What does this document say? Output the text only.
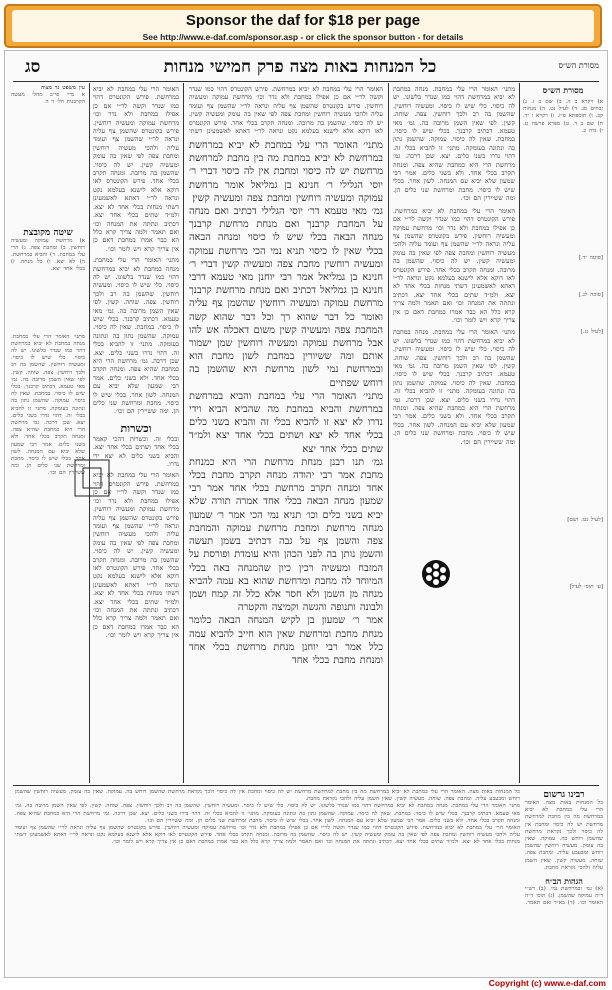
Sponsor the daf for $18 per page
See http://www.e-daf.com/sponsor.asp - or click the sponsor button - for details
כל המנחות באות מצה פרק חמישי מנחות
סג	מסורת הש״ס
מסורת הש״ס
א) ויקרא ב ה. ב) שם ב ז. ג) זבחים סג. ד) לעיל נט. ה) מנחות קב. ו) תוספתא פ״ז. ז) ויקרא ו יד. ח) שם ב ד. ט) ספרא פרשה ט. י) נדה כ.
[סוטה יד.]
[סוכה לג.]
[לעיל נג.]
[לעיל נט: ושם]
[ע׳ תוס׳ לעיל]
מתני׳ האומר הרי עלי במחבת. מנחה במחבת לא יביא במרחשת דהוי כמו שנדר בלשונו. יש לה כיסוי. כלי שיש לו כיסוי. ומעשיה רוחשין. שהשמן בה רב ולכך רוחשין. צפה. שוחה. קשין. לפי שאין השמן מרובה בה. גמ׳ מאי טעמא. דכתיב קרבנך. בכלי שיש לו כיסוי. במחבת. שאין לה כיסוי. עמוקה. שהשמן נתון בה ונתונה בעומקה. מתני׳ זו להביא בכלי זה. דהוי נדרו בשני כלים. יצא. שכן דרכה. גמ׳ מרחשת הרי היא כמחבת שהיא צפה. ומנחה תקרב בכלי אחד. ולא בשני כלים. אמר רבי שמעון שלא יביא עם המנחה. לשון אחר. בכלי שיש לו כיסוי. מחבת ומרחשת שני כלים הן. ומה ששיירין הם וכו׳.
האומר הרי עלי במחבת לא יביא במרחשת. פירש הקונטרס דהוי כמו שנדר וקשה לר״י אם כן אפילו במחבת ולא נדר וכו׳ מרחשת עמוקה ומעשיה רוחשין. פירש בקונטרס שהשמן צף עליה ונראה לר״י שהשמן צף ועומד עליה ולהכי מעשיה רוחשין ומחבת צפה לפי שאין בה עומק ומעשיה קשין. יש לה כיסוי. שהשמן בה מרובה. ומנחה תקרב בכלי אחד. פירש הקונטרס לאו דוקא אלא לישנא בעלמא נקט ונראה לר״י דאתא לאשמעינן דשתי מנחות בכלי אחד לא יצא. ולמ״ד שתים בכלי אחד יצא. דכתיב ונתתה את המנחה וכו׳ ואם תאמר ולמה צריך קרא כלל הא כבר אמרו במחבת דאם כן אין צריך קרא ויש לומר וכו׳.
מתני׳ האומר הרי עלי במחבת. מנחה במחבת לא יביא במרחשת דהוי כמו שנדר בלשונו. יש לה כיסוי. כלי שיש לו כיסוי. ומעשיה רוחשין. שהשמן בה רב ולכך רוחשין. צפה. שוחה. קשין. לפי שאין השמן מרובה בה. גמ׳ מאי טעמא. דכתיב קרבנך. בכלי שיש לו כיסוי. במחבת. שאין לה כיסוי. עמוקה. שהשמן נתון בה ונתונה בעומקה. מתני׳ זו להביא בכלי זה. דהוי נדרו בשני כלים. יצא. שכן דרכה. גמ׳ מרחשת הרי היא כמחבת שהיא צפה. ומנחה תקרב בכלי אחד. ולא בשני כלים. אמר רבי שמעון שלא יביא עם המנחה. לשון אחר. בכלי שיש לו כיסוי. מחבת ומרחשת שני כלים הן. ומה ששיירין הם וכו׳.
האומר הרי עלי במחבת לא יביא במרחשת. פירש הקונטרס דהוי כמו שנדר וקשה לר״י אם כן אפילו במחבת ולא נדר וכו׳ מרחשת עמוקה ומעשיה רוחשין. פירש בקונטרס שהשמן צף עליה ונראה לר״י שהשמן צף ועומד עליה ולהכי מעשיה רוחשין ומחבת צפה לפי שאין בה עומק ומעשיה קשין. יש לה כיסוי. שהשמן בה מרובה. ומנחה תקרב בכלי אחד. פירש הקונטרס לאו דוקא אלא לישנא בעלמא נקט ונראה לר״י דאתא לאשמעינן דשתי
מתני׳ האומר הרי עלי במחבת לא יביא במרחשת במרחשת לא יביא במחבת מה בין מחבת למרחשת מרחשת יש לה כיסוי ומחבת אין לה כיסוי דברי ר׳ יוסי הגלילי ר׳ חנינא בן גמליאל אומר מרחשת עמוקה ומעשיה רוחשין ומחבת צפה ומעשיה קשין׃
גמ׳ מאי טעמא דר׳ יוסי הגלילי דכתיב ואם מנחה על המחבת קרבנך ואם מנחת מרחשת קרבנך מנחה הבאה בכלי שיש לו כיסוי ומנחה הבאה בכלי שאין לו כיסוי תניא נמי הכי מרחשת עמוקה ומעשיה רוחשין מחבת צפה ומעשיה קשין דברי ר׳ חנינא בן גמליאל אמר רבי יוחנן מאי טעמא דרבי חנינא בן גמליאל דכתיב ואם מנחת מרחשת קרבנך מרחשת עמוקה ומעשיה רוחשין שהשמן צף עליה ואומר כל דבר שהוא רך וכל דבר שהוא קשה המחבת צפה ומעשיה קשין משום דאכלה אש להו אבל מרחשת עמוקה ומעשיה רוחשין שמן ישמור אותם ומה ששיורין במחבת לשון מחבת הוא ובמרחשת נמי לשון מרחשת היא שהשמן בה רוחש שפתיים
מתני׳ האומר הרי עלי במחבת והביא במרחשת במרחשת והביא במחבת מה שהביא הביא וידי נדרו לא יצא זו להביא בכלי זה והביא בשני כלים בכלי אחד לא יצא ושתים בכלי אחד יצא ולמ״ד שתים בכלי אחד יצא
גמ׳ תנו רבנן מנחת מרחשת הרי היא כמנחת מחבת אמר רבי יהודה מנחה תקרב מחבת בכלי אחד ומנחה תקרב מרחשת בכלי אחד אמר רבי שמעון מנחה הבאה בכלי אחד אמרה תורה שלא יביא בשני כלים וכו׳ תניא נמי הכי אמר ר׳ שמעון מנחה מרחשת ומחבת מרחשת עמוקה והמחבת צפה והשמן צף על גבה דכתיב בשמן תעשה והשמן נותן בה לפני הכהן והיא עומדת ופורסת על המזבח ומעשיה רכין כיון שהמנחה באה בכלי המיוחד לה מחבת ומרחשת שהוא בא עמה להביא מנחה מן השמן ולא חסר אלא כלל זה קמח ושמן ולבונה ותנופה והגשה וקמיצה והקטרה
אמר ר׳ שמעון בן לקיש המנחה הבאה כלומר מנחת מחבת ומרחשת שאין הוא חייב להביא עמה כלל אמר רבי יוחנן מנחת מרחשת בכלי אחד ומנחת מחבת בכלי אחד
האומר הרי עלי במחבת לא יביא במרחשת. פירש הקונטרס דהוי כמו שנדר וקשה לר״י אם כן אפילו במחבת ולא נדר וכו׳ מרחשת עמוקה ומעשיה רוחשין. פירש בקונטרס שהשמן צף עליה ונראה לר״י שהשמן צף ועומד עליה ולהכי מעשיה רוחשין ומחבת צפה לפי שאין בה עומק ומעשיה קשין. יש לה כיסוי. שהשמן בה מרובה. ומנחה תקרב בכלי אחד. פירש הקונטרס לאו דוקא אלא לישנא בעלמא נקט ונראה לר״י דאתא לאשמעינן דשתי מנחות בכלי אחד לא יצא. ולמ״ד שתים בכלי אחד יצא. דכתיב ונתתה את המנחה וכו׳ ואם תאמר ולמה צריך קרא כלל הא כבר אמרו במחבת דאם כן אין צריך קרא ויש לומר וכו׳.
מתני׳ האומר הרי עלי במחבת. מנחה במחבת לא יביא במרחשת דהוי כמו שנדר בלשונו. יש לה כיסוי. כלי שיש לו כיסוי. ומעשיה רוחשין. שהשמן בה רב ולכך רוחשין. צפה. שוחה. קשין. לפי שאין השמן מרובה בה. גמ׳ מאי טעמא. דכתיב קרבנך. בכלי שיש לו כיסוי. במחבת. שאין לה כיסוי. עמוקה. שהשמן נתון בה ונתונה בעומקה. מתני׳ זו להביא בכלי זה. דהוי נדרו בשני כלים. יצא. שכן דרכה. גמ׳ מרחשת הרי היא כמחבת שהיא צפה. ומנחה תקרב בכלי אחד. ולא בשני כלים. אמר רבי שמעון שלא יביא עם המנחה. לשון אחר. בכלי שיש לו כיסוי. מחבת ומרחשת שני כלים הן. ומה ששיירין הם וכו׳.
וכשרות
ובכלי זה. וכשרות דהכי קאמר בכלי אחד ושתים בכלי אחד יצא. והביא בשני כלים לא יצא ידי נדרו.
האומר הרי עלי במחבת לא יביא במרחשת. פירש הקונטרס דהוי כמו שנדר וקשה לר״י אם כן אפילו במחבת ולא נדר וכו׳ מרחשת עמוקה ומעשיה רוחשין. פירש בקונטרס שהשמן צף עליה ונראה לר״י שהשמן צף ועומד עליה ולהכי מעשיה רוחשין ומחבת צפה לפי שאין בה עומק ומעשיה קשין. יש לה כיסוי. שהשמן בה מרובה. ומנחה תקרב בכלי אחד. פירש הקונטרס לאו דוקא אלא לישנא בעלמא נקט ונראה לר״י דאתא לאשמעינן דשתי מנחות בכלי אחד לא יצא. ולמ״ד שתים בכלי אחד יצא. דכתיב ונתתה את המנחה וכו׳ ואם תאמר ולמה צריך קרא כלל הא כבר אמרו במחבת דאם כן אין צריך קרא ויש לומר וכו׳.
עין משפט נר מצוה
א מיי׳ פי״ב מהל׳ מעשה הקרבנות הל׳ ד ה
שיטה מקובצת
א) מרחשת עמוקה ומעשיה רוחשין. ב) ומחבת צפה. ג) הרי עלי במחבת. ד) והביא במרחשת. ה) לא יצא. ו) כל מנחה. ז) בכלי אחד יצא.
מתני׳ האומר הרי עלי במחבת. מנחה במחבת לא יביא במרחשת דהוי כמו שנדר בלשונו. יש לה כיסוי. כלי שיש לו כיסוי. ומעשיה רוחשין. שהשמן בה רב ולכך רוחשין. צפה. שוחה. קשין. לפי שאין השמן מרובה בה. גמ׳ מאי טעמא. דכתיב קרבנך. בכלי שיש לו כיסוי. במחבת. שאין לה כיסוי. עמוקה. שהשמן נתון בה ונתונה בעומקה. מתני׳ זו להביא בכלי זה. דהוי נדרו בשני כלים. יצא. שכן דרכה. גמ׳ מרחשת הרי היא כמחבת שהיא צפה. ומנחה תקרב בכלי אחד. ולא בשני כלים. אמר רבי שמעון שלא יביא עם המנחה. לשון אחר. בכלי שיש לו כיסוי. מחבת ומרחשת שני כלים הן. ומה ששיירין הם וכו׳.
כל המנחות באות מצה. האומר הרי עלי במחבת לא יביא במרחשת מה בין מחבת למרחשת מרחשת יש לה כיסוי ומחבת אין לה כיסוי ולכך נקראת מרחשת שהשמן רוחש בה. עמוקה. שאין בה עומק. מעשיה רוחשין שהשמן רוחש ומבעבע עליה. ומחבת צפה. שוחה. מעשיה קשין. שאין השמן עליה ולהכי נקראת מחבת.
מתני׳ האומר הרי עלי במחבת. מנחה במחבת לא יביא במרחשת דהוי כמו שנדר בלשונו. יש לה כיסוי. כלי שיש לו כיסוי. ומעשיה רוחשין. שהשמן בה רב ולכך רוחשין. צפה. שוחה. קשין. לפי שאין השמן מרובה בה. גמ׳ מאי טעמא. דכתיב קרבנך. בכלי שיש לו כיסוי. במחבת. שאין לה כיסוי. עמוקה. שהשמן נתון בה ונתונה בעומקה. מתני׳ זו להביא בכלי זה. דהוי נדרו בשני כלים. יצא. שכן דרכה. גמ׳ מרחשת הרי היא כמחבת שהיא צפה. ומנחה תקרב בכלי אחד. ולא בשני כלים. אמר רבי שמעון שלא יביא עם המנחה. לשון אחר. בכלי שיש לו כיסוי. מחבת ומרחשת שני כלים הן. ומה ששיירין הם וכו׳.
האומר הרי עלי במחבת לא יביא במרחשת. פירש הקונטרס דהוי כמו שנדר וקשה לר״י אם כן אפילו במחבת ולא נדר וכו׳ מרחשת עמוקה ומעשיה רוחשין. פירש בקונטרס שהשמן צף עליה ונראה לר״י שהשמן צף ועומד עליה ולהכי מעשיה רוחשין ומחבת צפה לפי שאין בה עומק ומעשיה קשין. יש לה כיסוי. שהשמן בה מרובה. ומנחה תקרב בכלי אחד. פירש הקונטרס לאו דוקא אלא לישנא בעלמא נקט ונראה לר״י דאתא לאשמעינן דשתי מנחות בכלי אחד לא יצא. ולמ״ד שתים בכלי אחד יצא. דכתיב ונתתה את המנחה וכו׳ ואם תאמר ולמה צריך קרא כלל הא כבר אמרו במחבת דאם כן אין צריך קרא ויש לומר וכו׳.
רבינו גרשום
כל המנחות באות מצה. האומר הרי עלי במחבת לא יביא במרחשת מה בין מחבת למרחשת מרחשת יש לה כיסוי ומחבת אין לה כיסוי ולכך נקראת מרחשת שהשמן רוחש בה. עמוקה. שאין בה עומק. מעשיה רוחשין שהשמן רוחש ומבעבע עליה. ומחבת צפה. שוחה. מעשיה קשין. שאין השמן עליה ולהכי נקראת מחבת.
הגהות הב״ח
(א) גמ׳ ובמרחשת נמי. (ב) רש״י ד״ה עמוקה שהשמן. (ג) תוס׳ ד״ה האומר וכו׳. (ד) בא״ד ואם תאמר.
Copyright (c) www.e-daf.com
